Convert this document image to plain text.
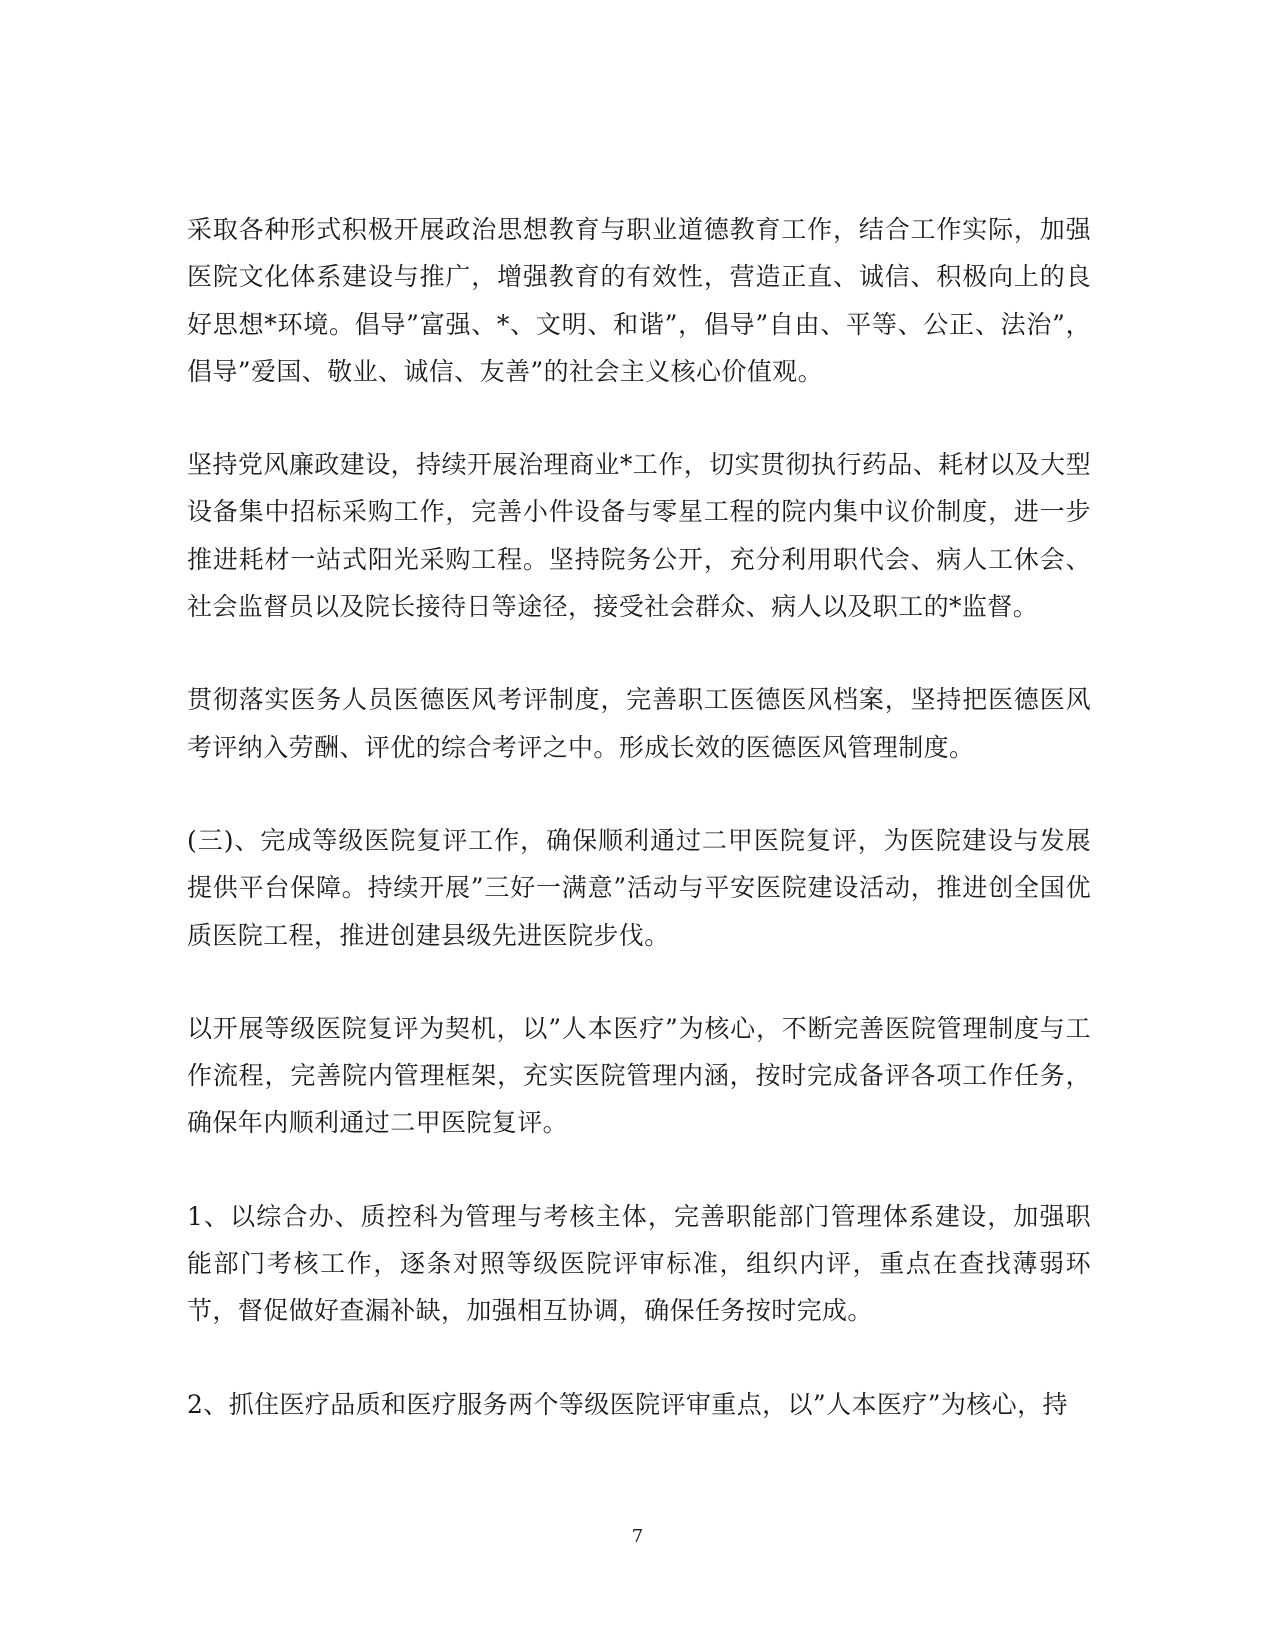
采取各种形式积极开展政治思想教育与职业道德教育工作，结合工作实际，加强医院文化体系建设与推广，增强教育的有效性，营造正直、诚信、积极向上的良好思想*环境。倡导”富强、*、文明、和谐”，倡导”自由、平等、公正、法治”，倡导”爱国、敬业、诚信、友善”的社会主义核心价值观。

坚持党风廉政建设，持续开展治理商业*工作，切实贯彻执行药品、耗材以及大型设备集中招标采购工作，完善小件设备与零星工程的院内集中议价制度，进一步推进耗材一站式阳光采购工程。坚持院务公开，充分利用职代会、病人工休会、社会监督员以及院长接待日等途径，接受社会群众、病人以及职工的*监督。

贯彻落实医务人员医德医风考评制度，完善职工医德医风档案，坚持把医德医风考评纳入劳酬、评优的综合考评之中。形成长效的医德医风管理制度。

(三)、完成等级医院复评工作，确保顺利通过二甲医院复评，为医院建设与发展提供平台保障。持续开展”三好一满意”活动与平安医院建设活动，推进创全国优质医院工程，推进创建县级先进医院步伐。

以开展等级医院复评为契机，以”人本医疗”为核心，不断完善医院管理制度与工作流程，完善院内管理框架，充实医院管理内涵，按时完成备评各项工作任务，确保年内顺利通过二甲医院复评。

1、以综合办、质控科为管理与考核主体，完善职能部门管理体系建设，加强职能部门考核工作，逐条对照等级医院评审标准，组织内评，重点在查找薄弱环节，督促做好查漏补缺，加强相互协调，确保任务按时完成。

2、抓住医疗品质和医疗服务两个等级医院评审重点，以”人本医疗”为核心，持

7
